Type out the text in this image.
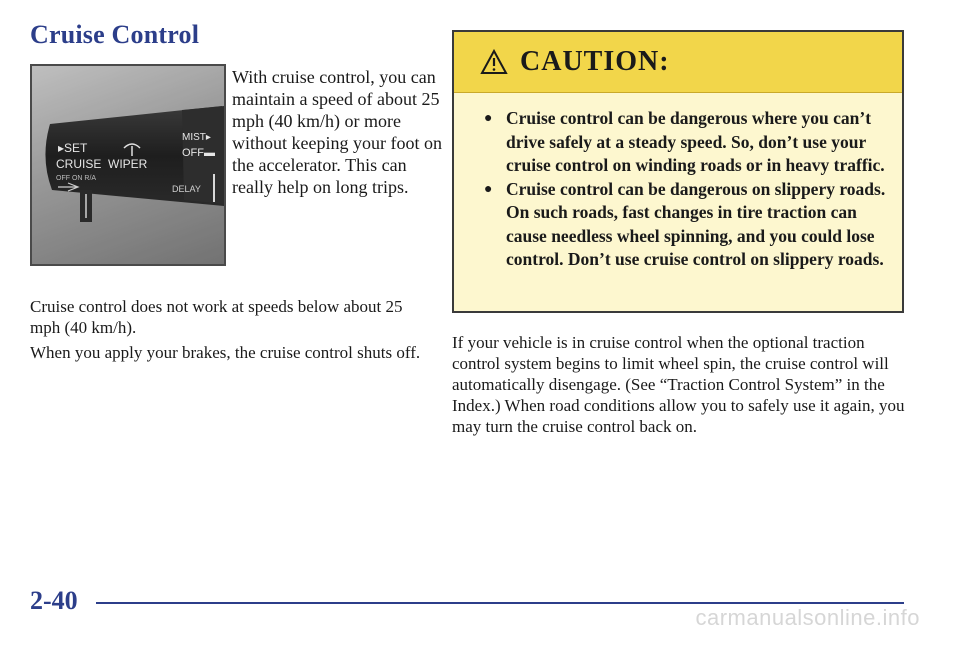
Cruise Control
▸SET
CRUISE WIPER
OFF ON R/A
MIST▸
OFF▬
DELAY
With cruise control, you can maintain a speed of about 25 mph (40 km/h) or more without keeping your foot on the accelerator. This can really help on long trips.

Cruise control does not work at speeds below about 25 mph (40 km/h).

When you apply your brakes, the cruise control shuts off.

CAUTION:
● Cruise control can be dangerous where you can’t drive safely at a steady speed. So, don’t use your cruise control on winding roads or in heavy traffic.
● Cruise control can be dangerous on slippery roads. On such roads, fast changes in tire traction can cause needless wheel spinning, and you could lose control. Don’t use cruise control on slippery roads.

If your vehicle is in cruise control when the optional traction control system begins to limit wheel spin, the cruise control will automatically disengage. (See “Traction Control System” in the Index.) When road conditions allow you to safely use it again, you may turn the cruise control back on.

2-40
carmanualsonline.info
